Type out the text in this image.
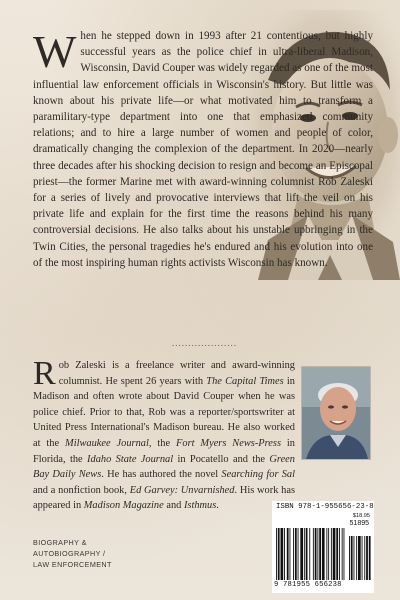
When he stepped down in 1993 after 21 contentious, but highly successful years as the police chief in ultra-liberal Madison, Wisconsin, David Couper was widely regarded as one of the most influential law enforcement officials in Wisconsin's history. But little was known about his private life—or what motivated him to transform a paramilitary-type department into one that emphasized community relations; and to hire a large number of women and people of color, dramatically changing the complexion of the department. In 2020—nearly three decades after his shocking decision to resign and become an Episcopal priest—the former Marine met with award-winning columnist Rob Zaleski for a series of lively and provocative interviews that lift the veil on his private life and explain for the first time the reasons behind his many controversial decisions. He also talks about his unstable upbringing in the Twin Cities, the personal tragedies he's endured and his evolution into one of the most inspiring human rights activists Wisconsin has known.
....................
Rob Zaleski is a freelance writer and award-winning columnist. He spent 26 years with The Capital Times in Madison and often wrote about David Couper when he was police chief. Prior to that, Rob was a reporter/sportswriter at United Press International's Madison bureau. He also worked at the Milwaukee Journal, the Fort Myers News-Press in Florida, the Idaho State Journal in Pocatello and the Green Bay Daily News. He has authored the novel Searching for Sal and a nonfiction book, Ed Garvey: Unvarnished. His work has appeared in Madison Magazine and Isthmus.	ISBN 978-1-955656-23-8
$18.95
51895
9 781955 656238
BIOGRAPHY &
AUTOBIOGRAPHY /
LAW ENFORCEMENT
